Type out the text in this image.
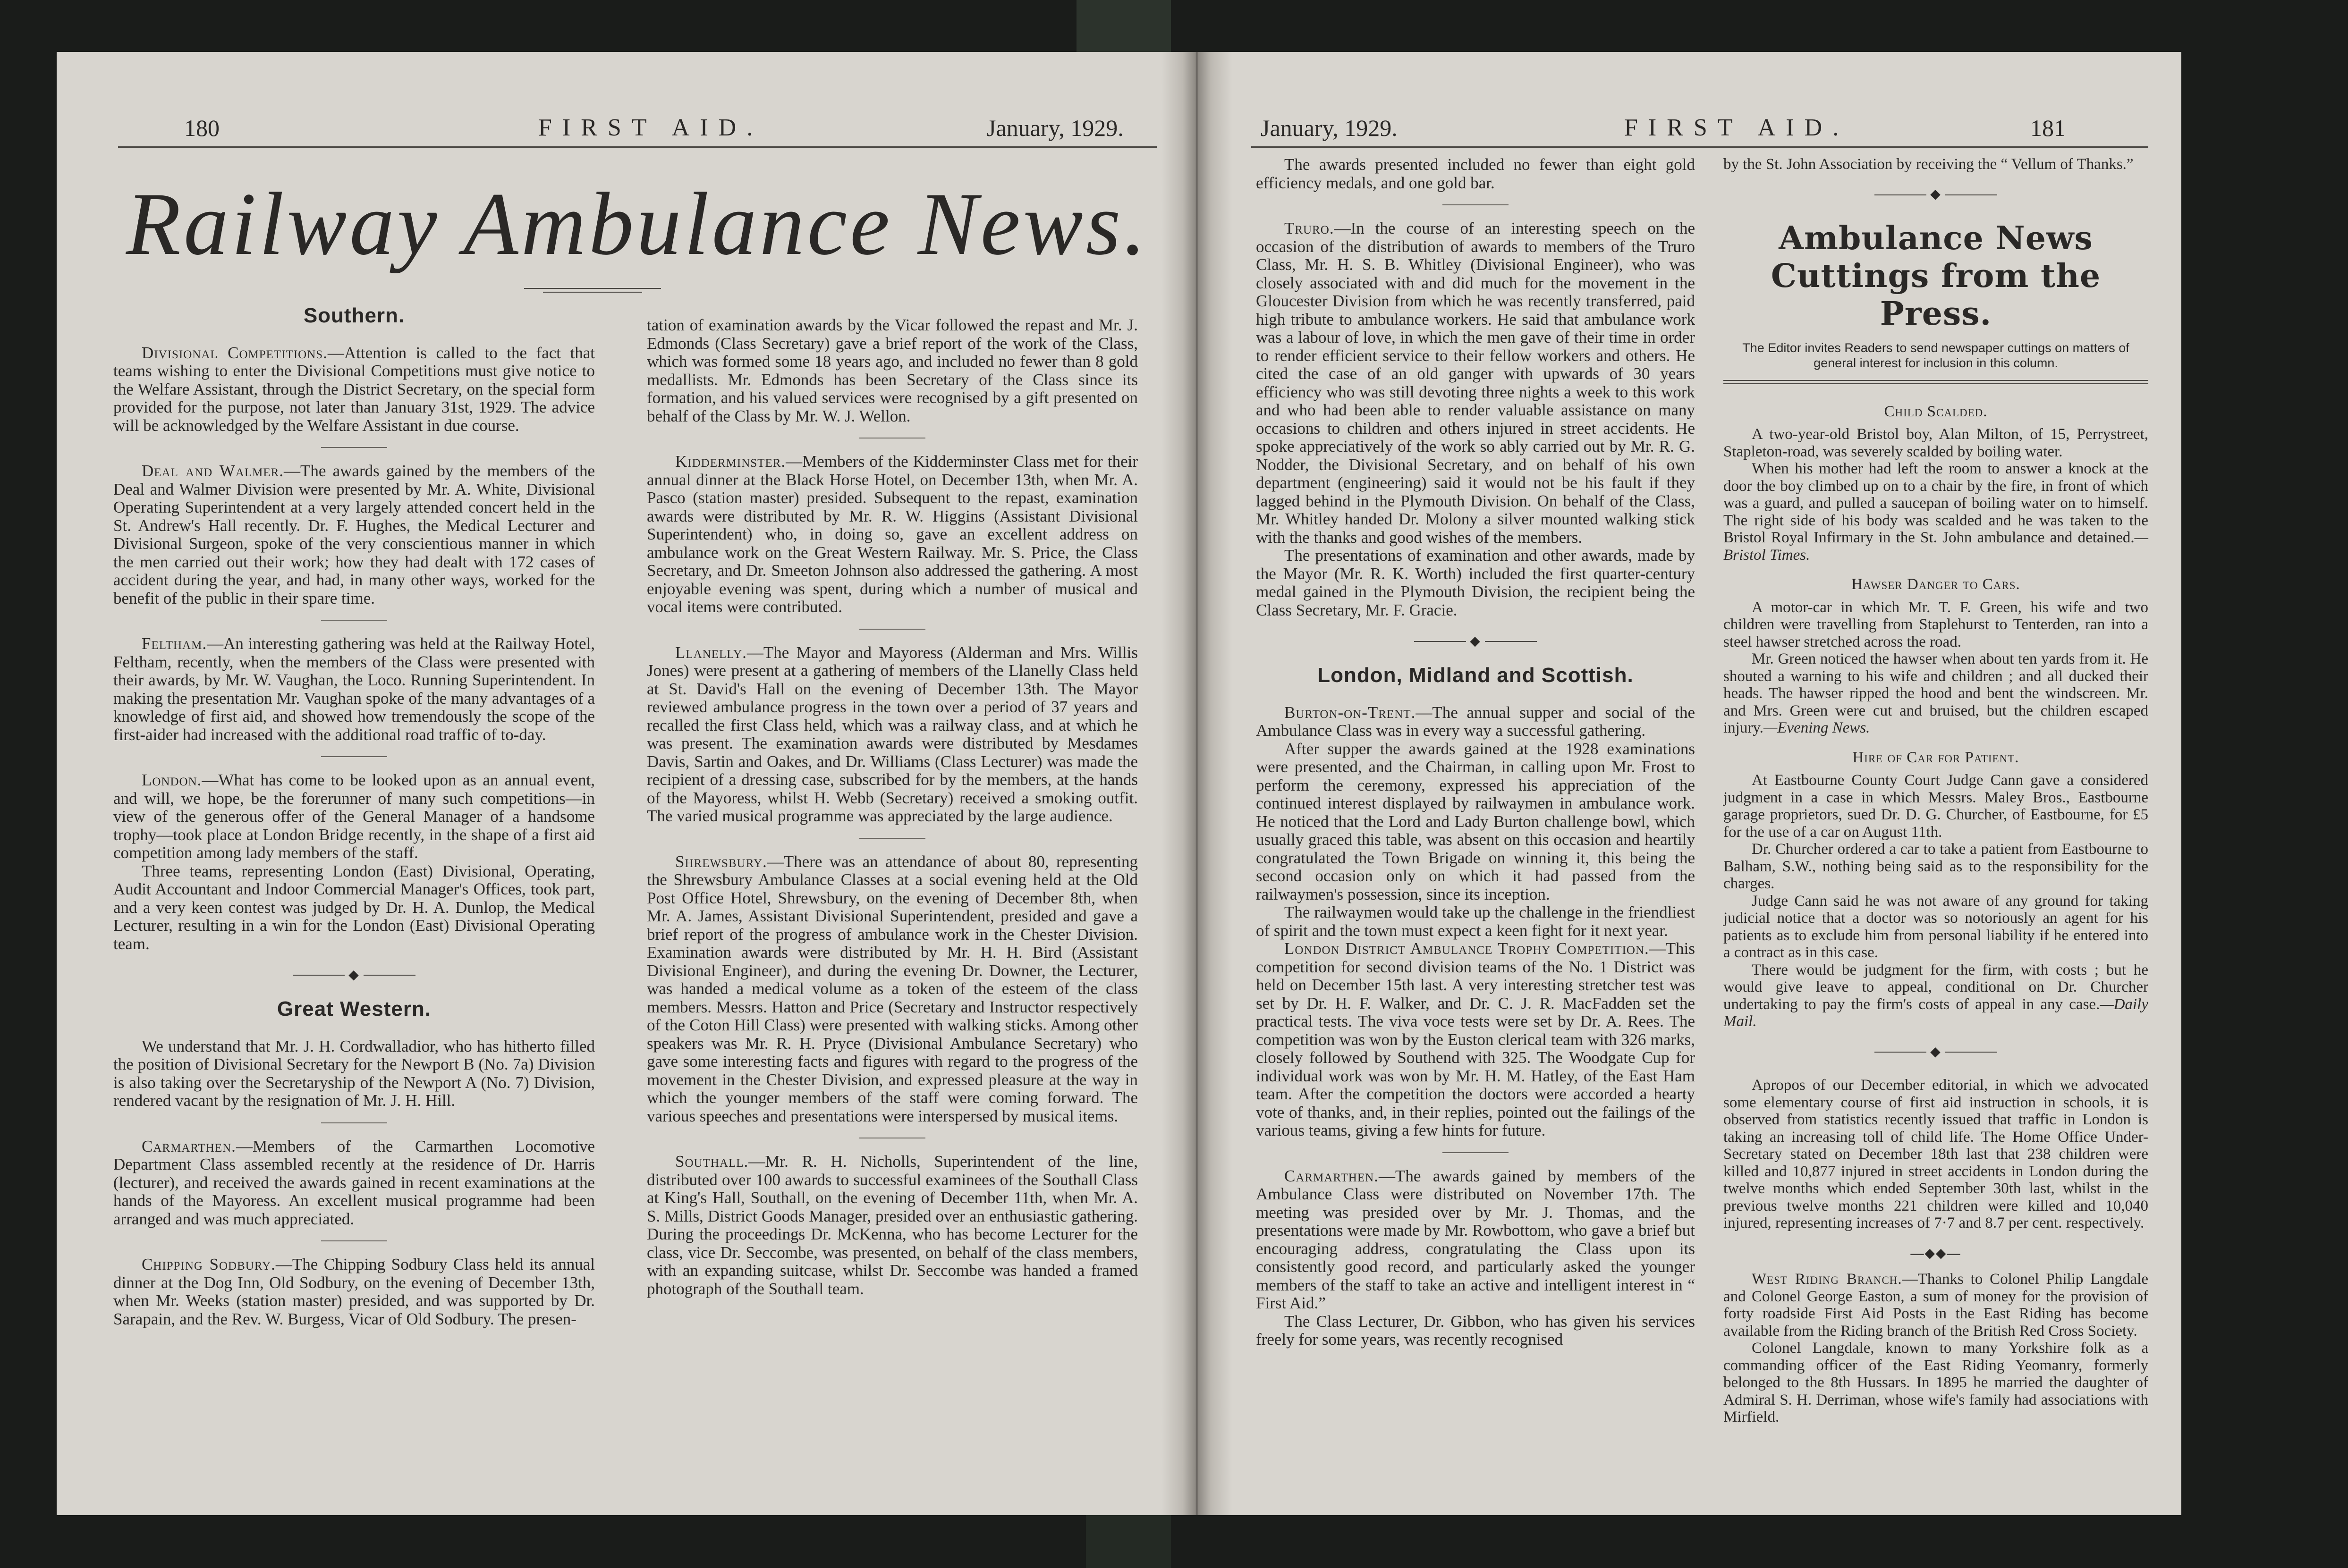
180	FIRST AID.	January, 1929.
Railway Ambulance News.
Southern.

Divisional Competitions.—Attention is called to the fact that teams wishing to enter the Divisional Competitions must give notice to the Welfare Assistant, through the District Secretary, on the special form provided for the purpose, not later than January 31st, 1929. The advice will be acknowledged by the Welfare Assistant in due course.

Deal and Walmer.—The awards gained by the members of the Deal and Walmer Division were presented by Mr. A. White, Divisional Operating Superintendent at a very largely attended concert held in the St. Andrew's Hall recently. Dr. F. Hughes, the Medical Lecturer and Divisional Surgeon, spoke of the very conscientious manner in which the men carried out their work; how they had dealt with 172 cases of accident during the year, and had, in many other ways, worked for the benefit of the public in their spare time.

Feltham.—An interesting gathering was held at the Railway Hotel, Feltham, recently, when the members of the Class were presented with their awards, by Mr. W. Vaughan, the Loco. Running Superintendent. In making the presentation Mr. Vaughan spoke of the many advantages of a knowledge of first aid, and showed how tremendously the scope of the first-aider had increased with the additional road traffic of to-day.

London.—What has come to be looked upon as an annual event, and will, we hope, be the forerunner of many such competitions—in view of the generous offer of the General Manager of a handsome trophy—took place at London Bridge recently, in the shape of a first aid competition among lady members of the staff.

Three teams, representing London (East) Divisional, Operating, Audit Accountant and Indoor Commercial Manager's Offices, took part, and a very keen contest was judged by Dr. H. A. Dunlop, the Medical Lecturer, resulting in a win for the London (East) Divisional Operating team.

◆
Great Western.

We understand that Mr. J. H. Cordwalladior, who has hitherto filled the position of Divisional Secretary for the Newport B (No. 7a) Division is also taking over the Secretaryship of the Newport A (No. 7) Division, rendered vacant by the resignation of Mr. J. H. Hill.

Carmarthen.—Members of the Carmarthen Locomotive Department Class assembled recently at the residence of Dr. Harris (lecturer), and received the awards gained in recent examinations at the hands of the Mayoress. An excellent musical programme had been arranged and was much appreciated.

Chipping Sodbury.—The Chipping Sodbury Class held its annual dinner at the Dog Inn, Old Sodbury, on the evening of December 13th, when Mr. Weeks (station master) presided, and was supported by Dr. Sarapain, and the Rev. W. Burgess, Vicar of Old Sodbury. The presen-

tation of examination awards by the Vicar followed the repast and Mr. J. Edmonds (Class Secretary) gave a brief report of the work of the Class, which was formed some 18 years ago, and included no fewer than 8 gold medallists. Mr. Edmonds has been Secretary of the Class since its formation, and his valued services were recognised by a gift presented on behalf of the Class by Mr. W. J. Wellon.

Kidderminster.—Members of the Kidderminster Class met for their annual dinner at the Black Horse Hotel, on December 13th, when Mr. A. Pasco (station master) presided. Subsequent to the repast, examination awards were distributed by Mr. R. W. Higgins (Assistant Divisional Superintendent) who, in doing so, gave an excellent address on ambulance work on the Great Western Railway. Mr. S. Price, the Class Secretary, and Dr. Smeeton Johnson also addressed the gathering. A most enjoyable evening was spent, during which a number of musical and vocal items were contributed.

Llanelly.—The Mayor and Mayoress (Alderman and Mrs. Willis Jones) were present at a gathering of members of the Llanelly Class held at St. David's Hall on the evening of December 13th. The Mayor reviewed ambulance progress in the town over a period of 37 years and recalled the first Class held, which was a railway class, and at which he was present. The examination awards were distributed by Mesdames Davis, Sartin and Oakes, and Dr. Williams (Class Lecturer) was made the recipient of a dressing case, subscribed for by the members, at the hands of the Mayoress, whilst H. Webb (Secretary) received a smoking outfit. The varied musical programme was appreciated by the large audience.

Shrewsbury.—There was an attendance of about 80, representing the Shrewsbury Ambulance Classes at a social evening held at the Old Post Office Hotel, Shrewsbury, on the evening of December 8th, when Mr. A. James, Assistant Divisional Superintendent, presided and gave a brief report of the progress of ambulance work in the Chester Division. Examination awards were distributed by Mr. H. H. Bird (Assistant Divisional Engineer), and during the evening Dr. Downer, the Lecturer, was handed a medical volume as a token of the esteem of the class members. Messrs. Hatton and Price (Secretary and Instructor respectively of the Coton Hill Class) were presented with walking sticks. Among other speakers was Mr. R. H. Pryce (Divisional Ambulance Secretary) who gave some interesting facts and figures with regard to the progress of the movement in the Chester Division, and expressed pleasure at the way in which the younger members of the staff were coming forward. The various speeches and presentations were interspersed by musical items.

Southall.—Mr. R. H. Nicholls, Superintendent of the line, distributed over 100 awards to successful examinees of the Southall Class at King's Hall, Southall, on the evening of December 11th, when Mr. A. S. Mills, District Goods Manager, presided over an enthusiastic gathering. During the proceedings Dr. McKenna, who has become Lecturer for the class, vice Dr. Seccombe, was presented, on behalf of the class members, with an expanding suitcase, whilst Dr. Seccombe was handed a framed photograph of the Southall team.

January, 1929.	FIRST AID.	181

The awards presented included no fewer than eight gold efficiency medals, and one gold bar.

Truro.—In the course of an interesting speech on the occasion of the distribution of awards to members of the Truro Class, Mr. H. S. B. Whitley (Divisional Engineer), who was closely associated with and did much for the movement in the Gloucester Division from which he was recently transferred, paid high tribute to ambulance workers. He said that ambulance work was a labour of love, in which the men gave of their time in order to render efficient service to their fellow workers and others. He cited the case of an old ganger with upwards of 30 years efficiency who was still devoting three nights a week to this work and who had been able to render valuable assistance on many occasions to children and others injured in street accidents. He spoke appreciatively of the work so ably carried out by Mr. R. G. Nodder, the Divisional Secretary, and on behalf of his own department (engineering) said it would not be his fault if they lagged behind in the Plymouth Division. On behalf of the Class, Mr. Whitley handed Dr. Molony a silver mounted walking stick with the thanks and good wishes of the members.

The presentations of examination and other awards, made by the Mayor (Mr. R. K. Worth) included the first quarter-century medal gained in the Plymouth Division, the recipient being the Class Secretary, Mr. F. Gracie.

◆
London, Midland and Scottish.

Burton-on-Trent.—The annual supper and social of the Ambulance Class was in every way a successful gathering.

After supper the awards gained at the 1928 examinations were presented, and the Chairman, in calling upon Mr. Frost to perform the ceremony, expressed his appreciation of the continued interest displayed by railwaymen in ambulance work. He noticed that the Lord and Lady Burton challenge bowl, which usually graced this table, was absent on this occasion and heartily congratulated the Town Brigade on winning it, this being the second occasion only on which it had passed from the railwaymen's possession, since its inception.

The railwaymen would take up the challenge in the friendliest of spirit and the town must expect a keen fight for it next year.

London District Ambulance Trophy Competition.—This competition for second division teams of the No. 1 District was held on December 15th last. A very interesting stretcher test was set by Dr. H. F. Walker, and Dr. C. J. R. MacFadden set the practical tests. The viva voce tests were set by Dr. A. Rees. The competition was won by the Euston clerical team with 326 marks, closely followed by Southend with 325. The Woodgate Cup for individual work was won by Mr. H. M. Hatley, of the East Ham team. After the competition the doctors were accorded a hearty vote of thanks, and, in their replies, pointed out the failings of the various teams, giving a few hints for future.

Carmarthen.—The awards gained by members of the Ambulance Class were distributed on November 17th. The meeting was presided over by Mr. J. Thomas, and the presentations were made by Mr. Rowbottom, who gave a brief but encouraging address, congratulating the Class upon its consistently good record, and particularly asked the younger members of the staff to take an active and intelligent interest in “ First Aid.”

The Class Lecturer, Dr. Gibbon, who has given his services freely for some years, was recently recognised

by the St. John Association by receiving the “ Vellum of Thanks.”

◆
Ambulance News Cuttings from the Press.
The Editor invites Readers to send newspaper cuttings on matters of general interest for inclusion in this column.
Child Scalded.

A two-year-old Bristol boy, Alan Milton, of 15, Perrystreet, Stapleton-road, was severely scalded by boiling water.

When his mother had left the room to answer a knock at the door the boy climbed up on to a chair by the fire, in front of which was a guard, and pulled a saucepan of boiling water on to himself. The right side of his body was scalded and he was taken to the Bristol Royal Infirmary in the St. John ambulance and detained.—Bristol Times.

Hawser Danger to Cars.

A motor-car in which Mr. T. F. Green, his wife and two children were travelling from Staplehurst to Tenterden, ran into a steel hawser stretched across the road.

Mr. Green noticed the hawser when about ten yards from it. He shouted a warning to his wife and children ; and all ducked their heads. The hawser ripped the hood and bent the windscreen. Mr. and Mrs. Green were cut and bruised, but the children escaped injury.—Evening News.

Hire of Car for Patient.

At Eastbourne County Court Judge Cann gave a considered judgment in a case in which Messrs. Maley Bros., Eastbourne garage proprietors, sued Dr. D. G. Churcher, of Eastbourne, for £5 for the use of a car on August 11th.

Dr. Churcher ordered a car to take a patient from Eastbourne to Balham, S.W., nothing being said as to the responsibility for the charges.

Judge Cann said he was not aware of any ground for taking judicial notice that a doctor was so notoriously an agent for his patients as to exclude him from personal liability if he entered into a contract as in this case.

There would be judgment for the firm, with costs ; but he would give leave to appeal, conditional on Dr. Churcher undertaking to pay the firm's costs of appeal in any case.—Daily Mail.

◆

Apropos of our December editorial, in which we advocated some elementary course of first aid instruction in schools, it is observed from statistics recently issued that traffic in London is taking an increasing toll of child life. The Home Office Under-Secretary stated on December 18th last that 238 children were killed and 10,877 injured in street accidents in London during the twelve months which ended September 30th last, whilst in the previous twelve months 221 children were killed and 10,040 injured, representing increases of 7·7 and 8.7 per cent. respectively.

―◆◆―

West Riding Branch.—Thanks to Colonel Philip Langdale and Colonel George Easton, a sum of money for the provision of forty roadside First Aid Posts in the East Riding has become available from the Riding branch of the British Red Cross Society.

Colonel Langdale, known to many Yorkshire folk as a commanding officer of the East Riding Yeomanry, formerly belonged to the 8th Hussars. In 1895 he married the daughter of Admiral S. H. Derriman, whose wife's family had associations with Mirfield.
